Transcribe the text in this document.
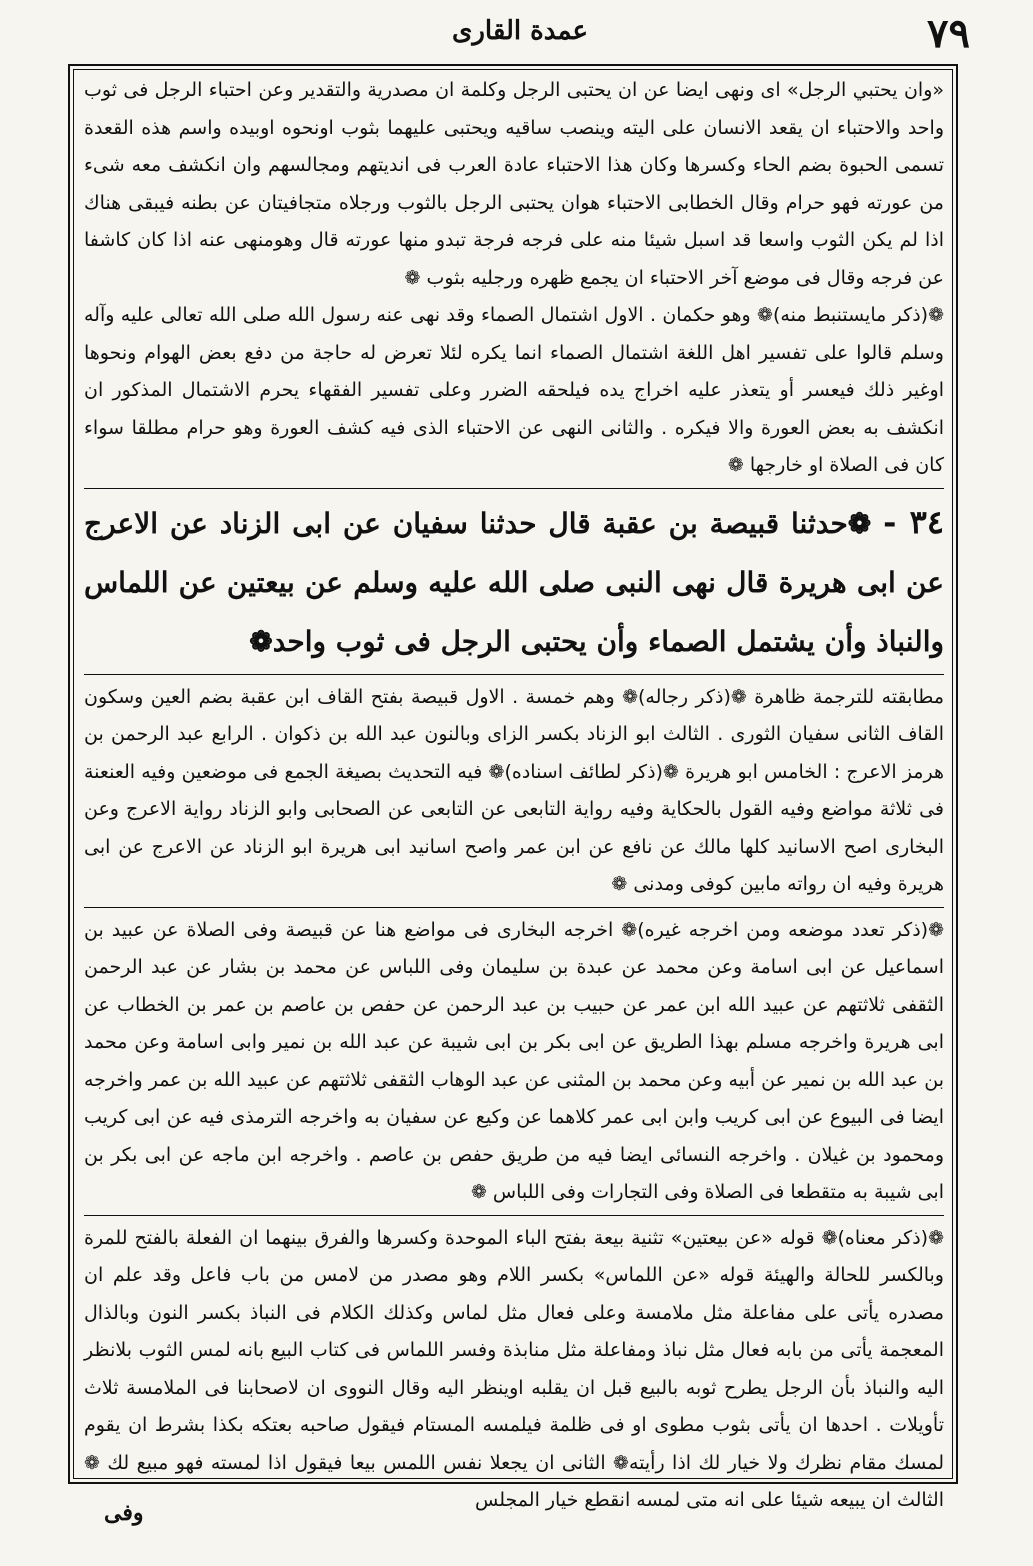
٧٩
عمدة القارى

«وان يحتبي الرجل» اى ونهى ايضا عن ان يحتبى الرجل وكلمة ان مصدرية والتقدير وعن احتباء الرجل فى ثوب واحد والاحتباء ان يقعد الانسان على اليته وينصب ساقيه ويحتبى عليهما بثوب اونحوه اوبيده واسم هذه القعدة تسمى الحبوة بضم الحاء وكسرها وكان هذا الاحتباء عادة العرب فى انديتهم ومجالسهم وان انكشف معه شىء من عورته فهو حرام وقال الخطابى الاحتباء هوان يحتبى الرجل بالثوب ورجلاه متجافيتان عن بطنه فيبقى هناك اذا لم يكن الثوب واسعا قد اسبل شيئا منه على فرجه فرجة تبدو منها عورته قال وهومنهى عنه اذا كان كاشفا عن فرجه وقال فى موضع آخر الاحتباء ان يجمع ظهره ورجليه بثوب ❁

❁(ذكر مايستنبط منه)❁ وهو حكمان . الاول اشتمال الصماء وقد نهى عنه رسول الله صلى الله تعالى عليه وآله وسلم قالوا على تفسير اهل اللغة اشتمال الصماء انما يكره لئلا تعرض له حاجة من دفع بعض الهوام ونحوها اوغير ذلك فيعسر أو يتعذر عليه اخراج يده فيلحقه الضرر وعلى تفسير الفقهاء يحرم الاشتمال المذكور ان انكشف به بعض العورة والا فيكره . والثانى النهى عن الاحتباء الذى فيه كشف العورة وهو حرام مطلقا سواء كان فى الصلاة او خارجها ❁

٣٤ - ❁حدثنا قبيصة بن عقبة قال حدثنا سفيان عن ابى الزناد عن الاعرج عن ابى هريرة قال نهى النبى صلى الله عليه وسلم عن بيعتين عن اللماس والنباذ وأن يشتمل الصماء وأن يحتبى الرجل فى ثوب واحد❁

مطابقته للترجمة ظاهرة ❁(ذكر رجاله)❁ وهم خمسة . الاول قبيصة بفتح القاف ابن عقبة بضم العين وسكون القاف الثانى سفيان الثورى . الثالث ابو الزناد بكسر الزاى وبالنون عبد الله بن ذكوان . الرابع عبد الرحمن بن هرمز الاعرج : الخامس ابو هريرة ❁(ذكر لطائف اسناده)❁ فيه التحديث بصيغة الجمع فى موضعين وفيه العنعنة فى ثلاثة مواضع وفيه القول بالحكاية وفيه رواية التابعى عن التابعى عن الصحابى وابو الزناد رواية الاعرج وعن البخارى اصح الاسانيد كلها مالك عن نافع عن ابن عمر واصح اسانيد ابى هريرة ابو الزناد عن الاعرج عن ابى هريرة وفيه ان رواته مابين كوفى ومدنى ❁

❁(ذكر تعدد موضعه ومن اخرجه غيره)❁ اخرجه البخارى فى مواضع هنا عن قبيصة وفى الصلاة عن عبيد بن اسماعيل عن ابى اسامة وعن محمد عن عبدة بن سليمان وفى اللباس عن محمد بن بشار عن عبد الرحمن الثقفى ثلاثتهم عن عبيد الله ابن عمر عن حبيب بن عبد الرحمن عن حفص بن عاصم بن عمر بن الخطاب عن ابى هريرة واخرجه مسلم بهذا الطريق عن ابى بكر بن ابى شيبة عن عبد الله بن نمير وابى اسامة وعن محمد بن عبد الله بن نمير عن أبيه وعن محمد بن المثنى عن عبد الوهاب الثقفى ثلاثتهم عن عبيد الله بن عمر واخرجه ايضا فى البيوع عن ابى كريب وابن ابى عمر كلاهما عن وكيع عن سفيان به واخرجه الترمذى فيه عن ابى كريب ومحمود بن غيلان . واخرجه النسائى ايضا فيه من طريق حفص بن عاصم . واخرجه ابن ماجه عن ابى بكر بن ابى شيبة به متقطعا فى الصلاة وفى التجارات وفى اللباس ❁

❁(ذكر معناه)❁ قوله «عن بيعتين» تثنية بيعة بفتح الباء الموحدة وكسرها والفرق بينهما ان الفعلة بالفتح للمرة وبالكسر للحالة والهيئة قوله «عن اللماس» بكسر اللام وهو مصدر من لامس من باب فاعل وقد علم ان مصدره يأتى على مفاعلة مثل ملامسة وعلى فعال مثل لماس وكذلك الكلام فى النباذ بكسر النون وبالذال المعجمة يأتى من بابه فعال مثل نباذ ومفاعلة مثل منابذة وفسر اللماس فى كتاب البيع بانه لمس الثوب بلانظر اليه والنباذ بأن الرجل يطرح ثوبه بالبيع قبل ان يقلبه اوينظر اليه وقال النووى ان لاصحابنا فى الملامسة ثلاث تأويلات . احدها ان يأتى بثوب مطوى او فى ظلمة فيلمسه المستام فيقول صاحبه بعتكه بكذا بشرط ان يقوم لمسك مقام نظرك ولا خيار لك اذا رأيته❁ الثانى ان يجعلا نفس اللمس بيعا فيقول اذا لمسته فهو مبيع لك ❁ الثالث ان يبيعه شيئا على انه متى لمسه انقطع خيار المجلس

وفى
